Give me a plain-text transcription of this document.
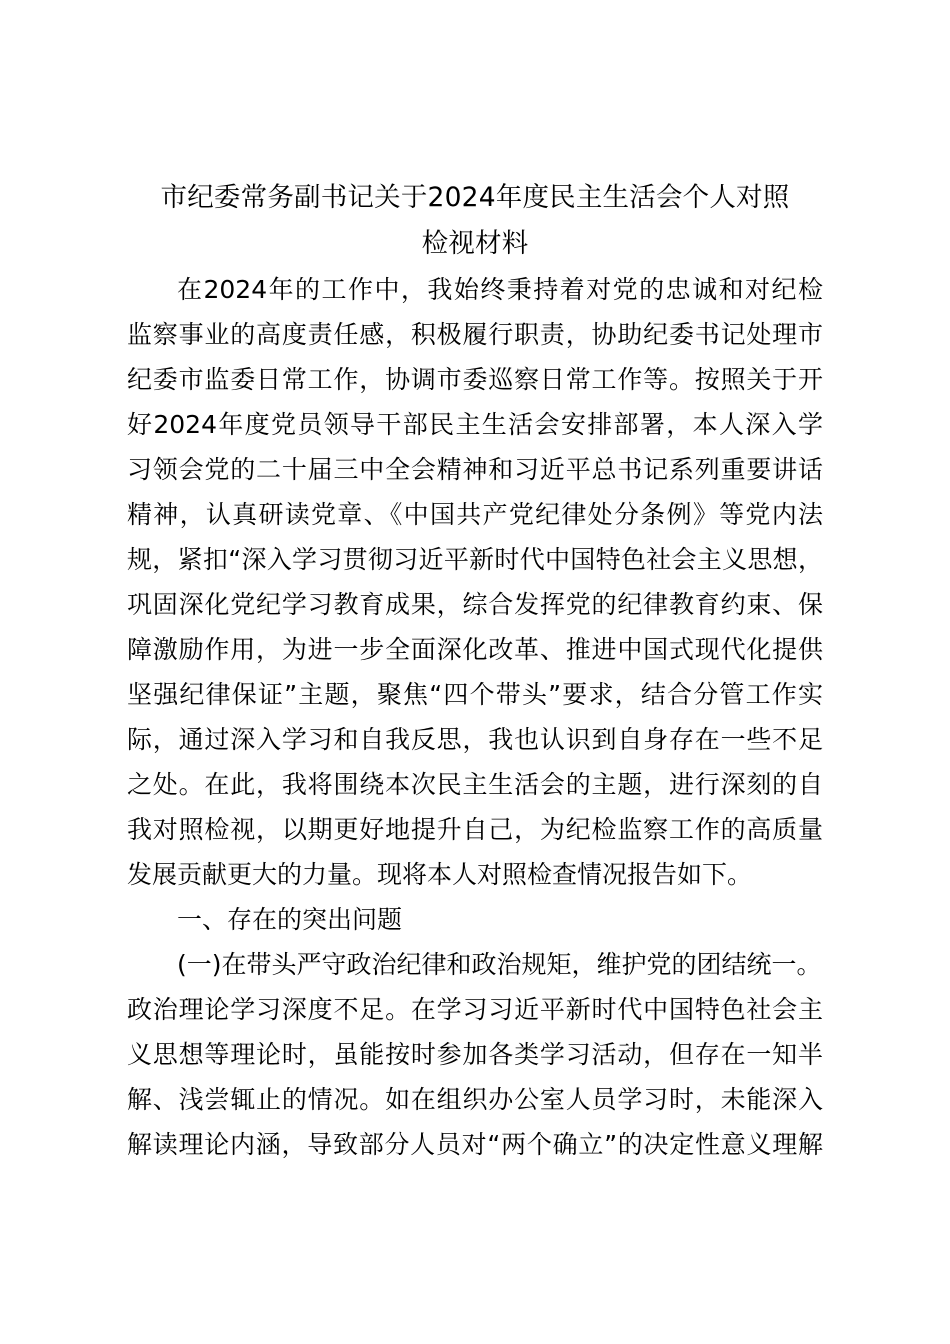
市纪委常务副书记关于2024年度民主生活会个人对照
检视材料

在2024年的工作中，我始终秉持着对党的忠诚和对纪检
监察事业的高度责任感，积极履行职责，协助纪委书记处理市
纪委市监委日常工作，协调市委巡察日常工作等。按照关于开
好2024年度党员领导干部民主生活会安排部署，本人深入学
习领会党的二十届三中全会精神和习近平总书记系列重要讲话
精神，认真研读党章、《中国共产党纪律处分条例》等党内法
规，紧扣“深入学习贯彻习近平新时代中国特色社会主义思想，
巩固深化党纪学习教育成果，综合发挥党的纪律教育约束、保
障激励作用，为进一步全面深化改革、推进中国式现代化提供
坚强纪律保证”主题，聚焦“四个带头”要求，结合分管工作实
际，通过深入学习和自我反思，我也认识到自身存在一些不足
之处。在此，我将围绕本次民主生活会的主题，进行深刻的自
我对照检视，以期更好地提升自己，为纪检监察工作的高质量
发展贡献更大的力量。现将本人对照检查情况报告如下。

一、存在的突出问题

(一)在带头严守政治纪律和政治规矩，维护党的团结统一。
政治理论学习深度不足。在学习习近平新时代中国特色社会主
义思想等理论时，虽能按时参加各类学习活动，但存在一知半
解、浅尝辄止的情况。如在组织办公室人员学习时，未能深入
解读理论内涵，导致部分人员对“两个确立”的决定性意义理解
